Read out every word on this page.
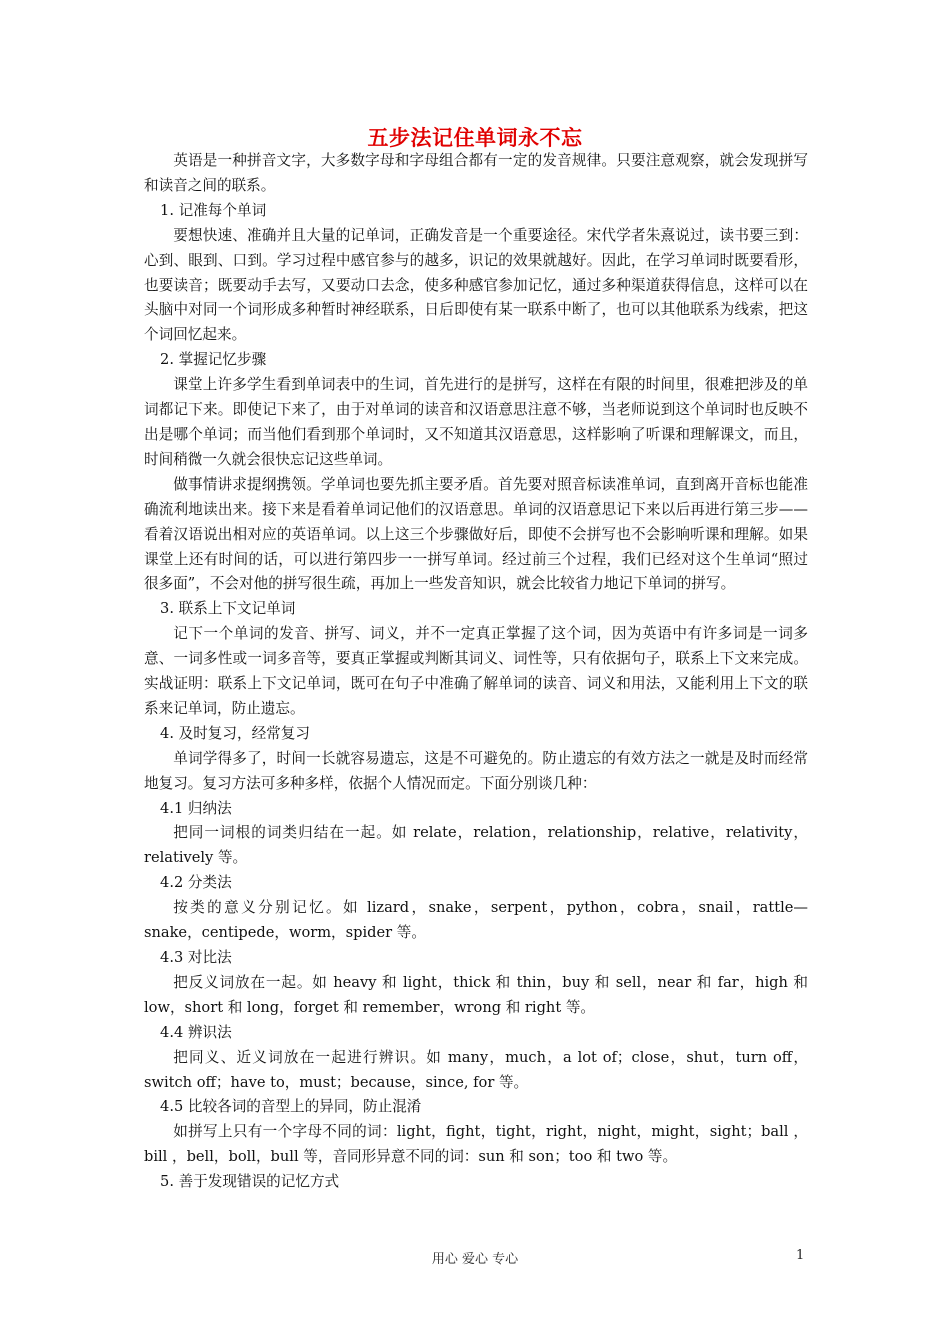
五步法记住单词永不忘

英语是一种拼音文字，大多数字母和字母组合都有一定的发音规律。只要注意观察，就会发现拼写和读音之间的联系。

1. 记准每个单词

要想快速、准确并且大量的记单词，正确发音是一个重要途径。宋代学者朱熹说过，读书要三到：心到、眼到、口到。学习过程中感官参与的越多，识记的效果就越好。因此，在学习单词时既要看形，也要读音；既要动手去写，又要动口去念，使多种感官参加记忆，通过多种渠道获得信息，这样可以在头脑中对同一个词形成多种暂时神经联系，日后即使有某一联系中断了，也可以其他联系为线索，把这个词回忆起来。

2. 掌握记忆步骤

课堂上许多学生看到单词表中的生词，首先进行的是拼写，这样在有限的时间里，很难把涉及的单词都记下来。即使记下来了，由于对单词的读音和汉语意思注意不够，当老师说到这个单词时也反映不出是哪个单词；而当他们看到那个单词时，又不知道其汉语意思，这样影响了听课和理解课文，而且，时间稍微一久就会很快忘记这些单词。

做事情讲求提纲携领。学单词也要先抓主要矛盾。首先要对照音标读准单词，直到离开音标也能准确流利地读出来。接下来是看着单词记他们的汉语意思。单词的汉语意思记下来以后再进行第三步——看着汉语说出相对应的英语单词。以上这三个步骤做好后，即使不会拼写也不会影响听课和理解。如果课堂上还有时间的话，可以进行第四步一一拼写单词。经过前三个过程，我们已经对这个生单词“照过很多面”，不会对他的拼写很生疏，再加上一些发音知识，就会比较省力地记下单词的拼写。

3. 联系上下文记单词

记下一个单词的发音、拼写、词义，并不一定真正掌握了这个词，因为英语中有许多词是一词多意、一词多性或一词多音等，要真正掌握或判断其词义、词性等，只有依据句子，联系上下文来完成。实战证明：联系上下文记单词，既可在句子中准确了解单词的读音、词义和用法，又能利用上下文的联系来记单词，防止遗忘。

4. 及时复习，经常复习

单词学得多了，时间一长就容易遗忘，这是不可避免的。防止遗忘的有效方法之一就是及时而经常地复习。复习方法可多种多样，依据个人情况而定。下面分别谈几种：

4.1 归纳法

把同一词根的词类归结在一起。如 relate，relation，relationship，relative，relativity，relatively 等。

4.2 分类法

按类的意义分别记忆。如 lizard，snake，serpent，python，cobra，snail，rattle—snake，centipede，worm，spider 等。

4.3 对比法

把反义词放在一起。如 heavy 和 light，thick 和 thin，buy 和 sell，near 和 far，high 和 low，short 和 long，forget 和 remember，wrong 和 right 等。

4.4 辨识法

把同义、近义词放在一起进行辨识。如 many，much，a lot of；close，shut，turn off，switch off；have to，must；because，since, for 等。

4.5 比较各词的音型上的异同，防止混淆

如拼写上只有一个字母不同的词：light，fight，tight，right，night，might，sight；ball ，bill ，bell，boll，bull 等，音同形异意不同的词：sun 和 son；too 和 two 等。

5. 善于发现错误的记忆方式

用心 爱心 专心	1
